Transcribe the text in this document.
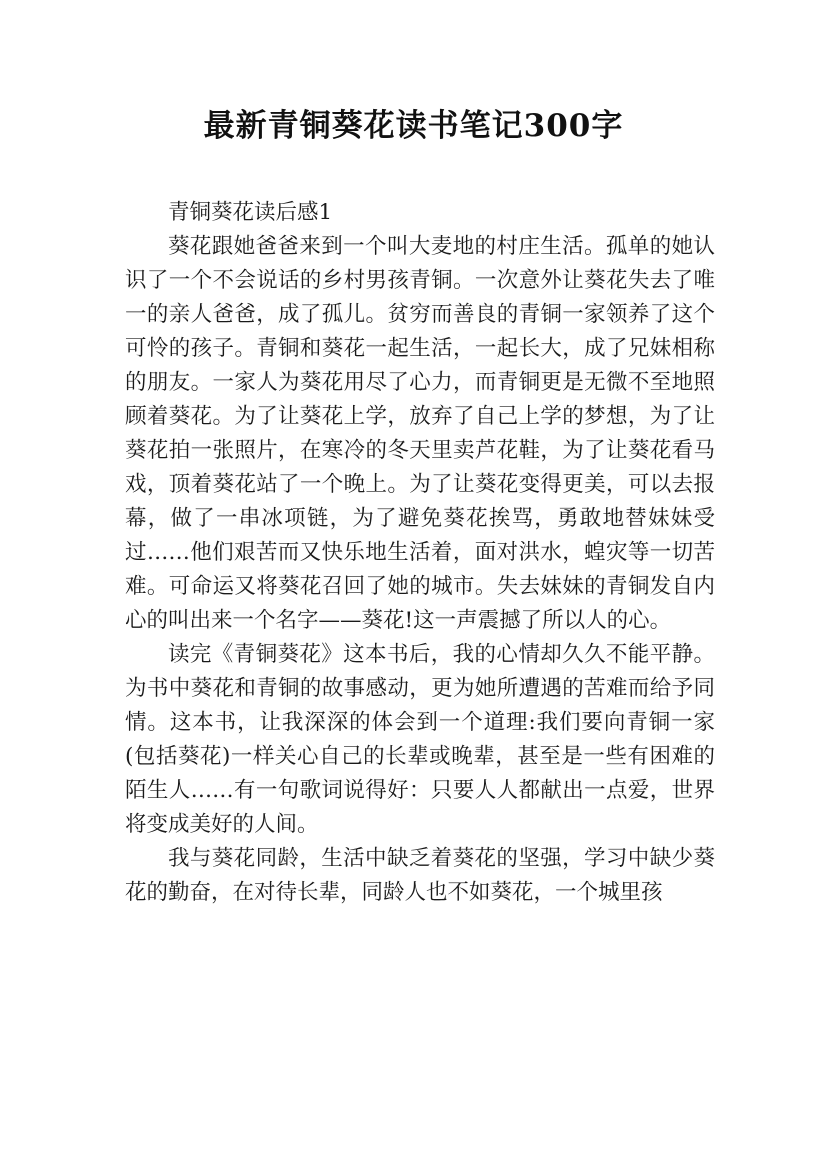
最新青铜葵花读书笔记300字

青铜葵花读后感1

葵花跟她爸爸来到一个叫大麦地的村庄生活。孤单的她认识了一个不会说话的乡村男孩青铜。一次意外让葵花失去了唯一的亲人爸爸，成了孤儿。贫穷而善良的青铜一家领养了这个可怜的孩子。青铜和葵花一起生活，一起长大，成了兄妹相称的朋友。一家人为葵花用尽了心力，而青铜更是无微不至地照顾着葵花。为了让葵花上学，放弃了自己上学的梦想，为了让葵花拍一张照片，在寒冷的冬天里卖芦花鞋，为了让葵花看马戏，顶着葵花站了一个晚上。为了让葵花变得更美，可以去报幕，做了一串冰项链，为了避免葵花挨骂，勇敢地替妹妹受过……他们艰苦而又快乐地生活着，面对洪水，蝗灾等一切苦难。可命运又将葵花召回了她的城市。失去妹妹的青铜发自内心的叫出来一个名字——葵花!这一声震撼了所以人的心。

读完《青铜葵花》这本书后，我的心情却久久不能平静。为书中葵花和青铜的故事感动，更为她所遭遇的苦难而给予同情。这本书，让我深深的体会到一个道理:我们要向青铜一家(包括葵花)一样关心自己的长辈或晚辈，甚至是一些有困难的陌生人……有一句歌词说得好：只要人人都献出一点爱，世界将变成美好的人间。

我与葵花同龄，生活中缺乏着葵花的坚强，学习中缺少葵花的勤奋，在对待长辈，同龄人也不如葵花，一个城里孩
